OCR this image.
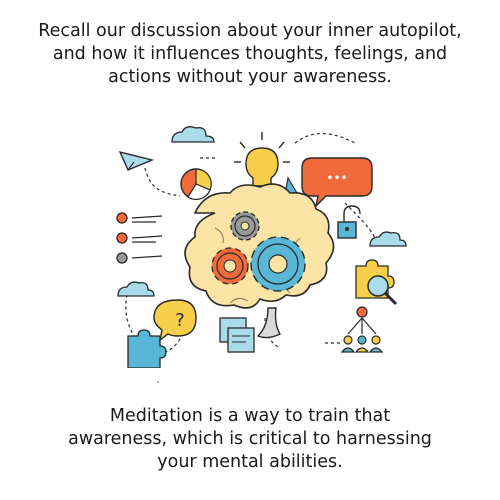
Recall our discussion about your inner autopilot,
and how it influences thoughts, feelings, and
actions without your awareness.
•••
?
Meditation is a way to train that
awareness, which is critical to harnessing
your mental abilities.
